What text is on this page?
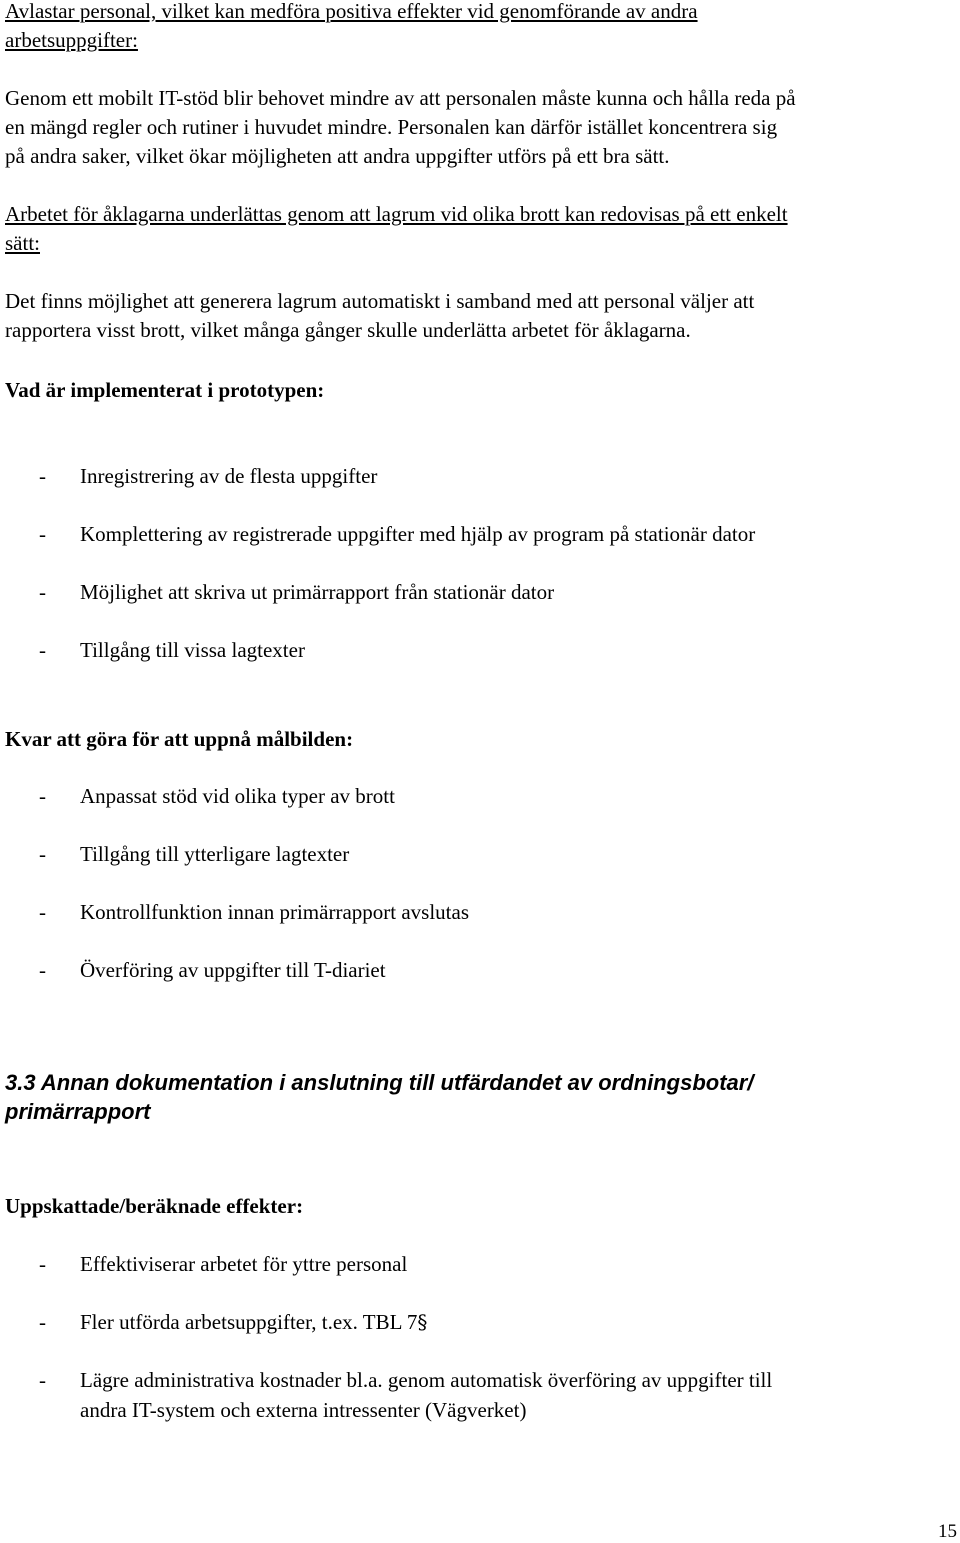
Avlastar personal, vilket kan medföra positiva effekter vid genomförande av andra
arbetsuppgifter:
Genom ett mobilt IT-stöd blir behovet mindre av att personalen måste kunna och hålla reda på
en mängd regler och rutiner i huvudet mindre. Personalen kan därför istället koncentrera sig
på andra saker, vilket ökar möjligheten att andra uppgifter utförs på ett bra sätt.
Arbetet för åklagarna underlättas genom att lagrum vid olika brott kan redovisas på ett enkelt
sätt:
Det finns möjlighet att generera lagrum automatiskt i samband med att personal väljer att
rapportera visst brott, vilket många gånger skulle underlätta arbetet för åklagarna.
Vad är implementerat i prototypen:
- Inregistrering av de flesta uppgifter
- Komplettering av registrerade uppgifter med hjälp av program på stationär dator
- Möjlighet att skriva ut primärrapport från stationär dator
- Tillgång till vissa lagtexter
Kvar att göra för att uppnå målbilden:
- Anpassat stöd vid olika typer av brott
- Tillgång till ytterligare lagtexter
- Kontrollfunktion innan primärrapport avslutas
- Överföring av uppgifter till T-diariet
3.3 Annan dokumentation i anslutning till utfärdandet av ordningsbotar/
primärrapport
Uppskattade/beräknade effekter:
- Effektiviserar arbetet för yttre personal
- Fler utförda arbetsuppgifter, t.ex. TBL 7§
- Lägre administrativa kostnader bl.a. genom automatisk överföring av uppgifter till
andra IT-system och externa intressenter (Vägverket)
15
